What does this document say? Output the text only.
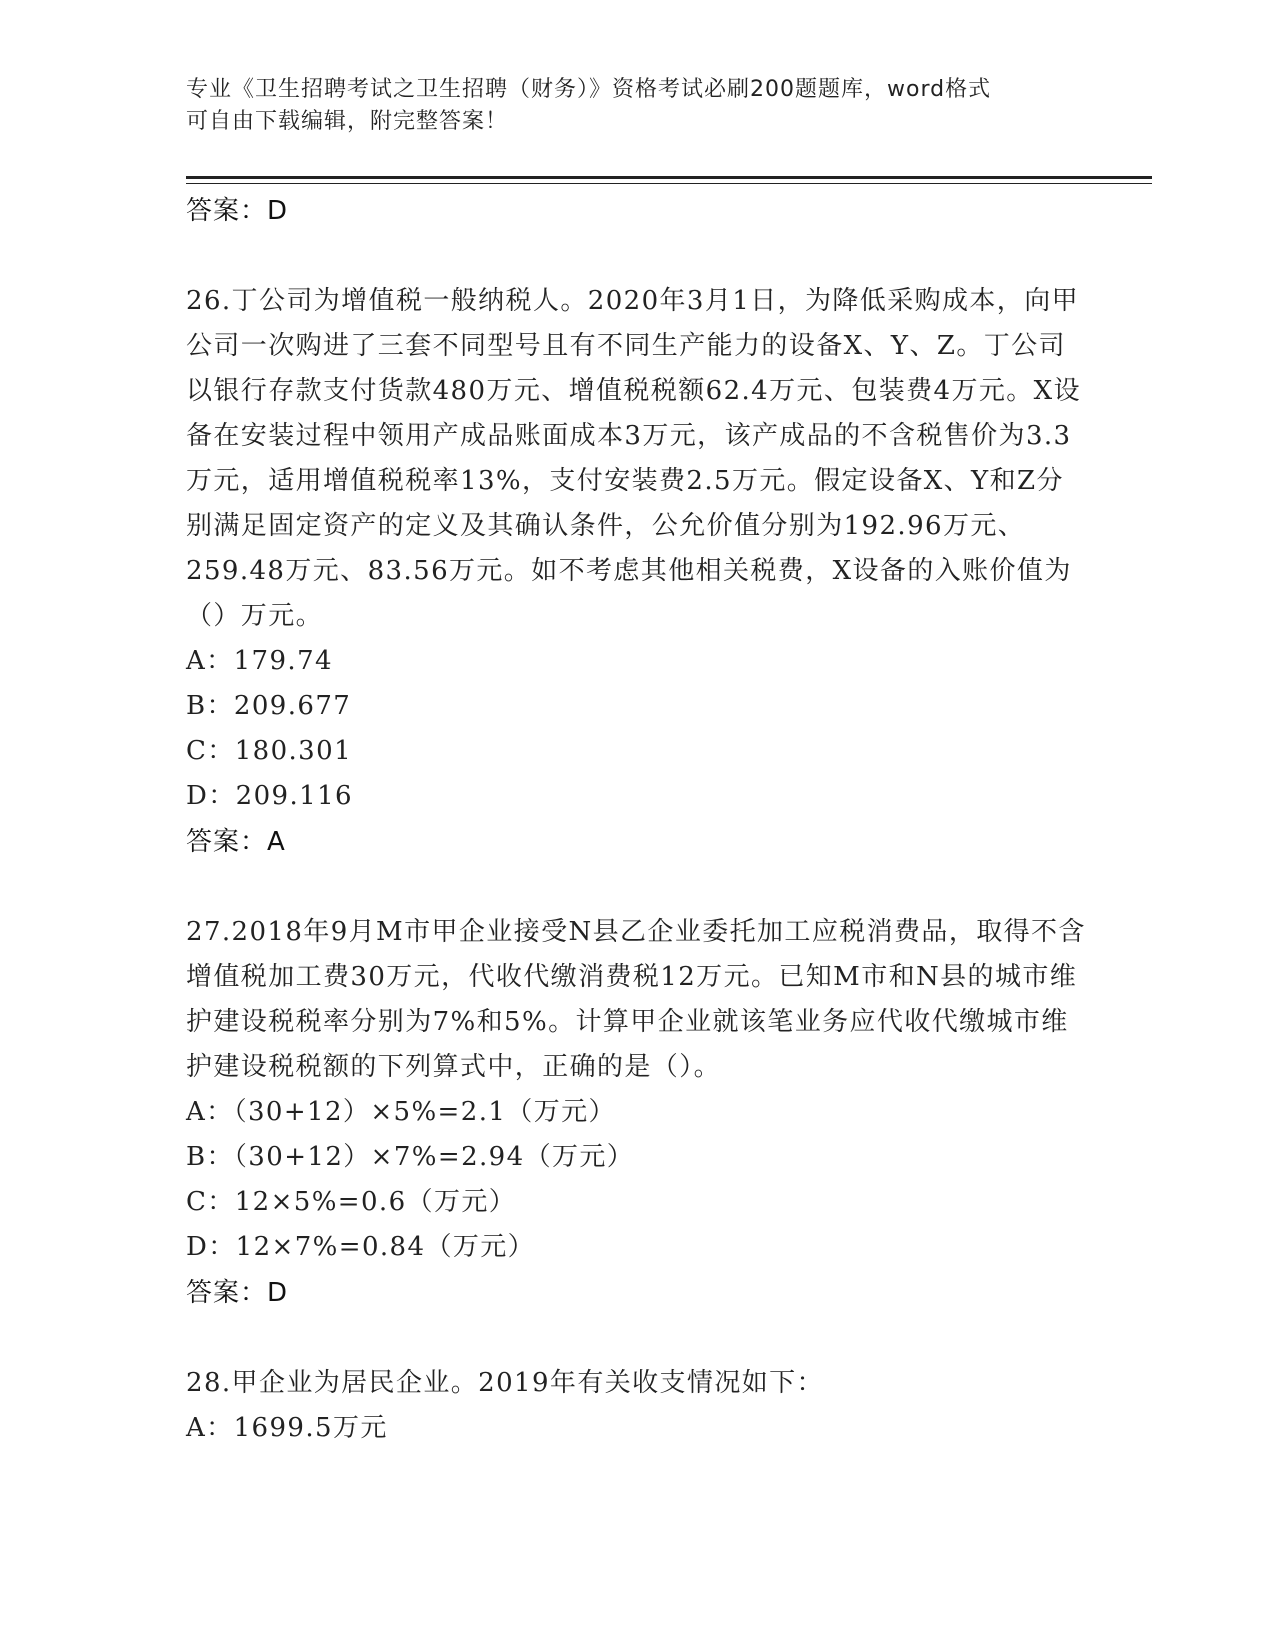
专业《卫生招聘考试之卫生招聘（财务）》资格考试必刷200题题库，word格式
可自由下载编辑，附完整答案！
答案：D
26.丁公司为增值税一般纳税人。2020年3月1日，为降低采购成本，向甲公司一次购进了三套不同型号且有不同生产能力的设备X、Y、Z。丁公司以银行存款支付货款480万元、增值税税额62.4万元、包装费4万元。X设备在安装过程中领用产成品账面成本3万元，该产成品的不含税售价为3.3万元，适用增值税税率13%，支付安装费2.5万元。假定设备X、Y和Z分别满足固定资产的定义及其确认条件，公允价值分别为192.96万元、259.48万元、83.56万元。如不考虑其他相关税费，X设备的入账价值为（）万元。
A：179.74
B：209.677
C：180.301
D：209.116
答案：A
27.2018年9月M市甲企业接受N县乙企业委托加工应税消费品，取得不含增值税加工费30万元，代收代缴消费税12万元。已知M市和N县的城市维护建设税税率分别为7%和5%。计算甲企业就该笔业务应代收代缴城市维护建设税税额的下列算式中，正确的是（）。
A：（30+12）×5%=2.1（万元）
B：（30+12）×7%=2.94（万元）
C：12×5%=0.6（万元）
D：12×7%=0.84（万元）
答案：D
28.甲企业为居民企业。2019年有关收支情况如下：
A：1699.5万元
